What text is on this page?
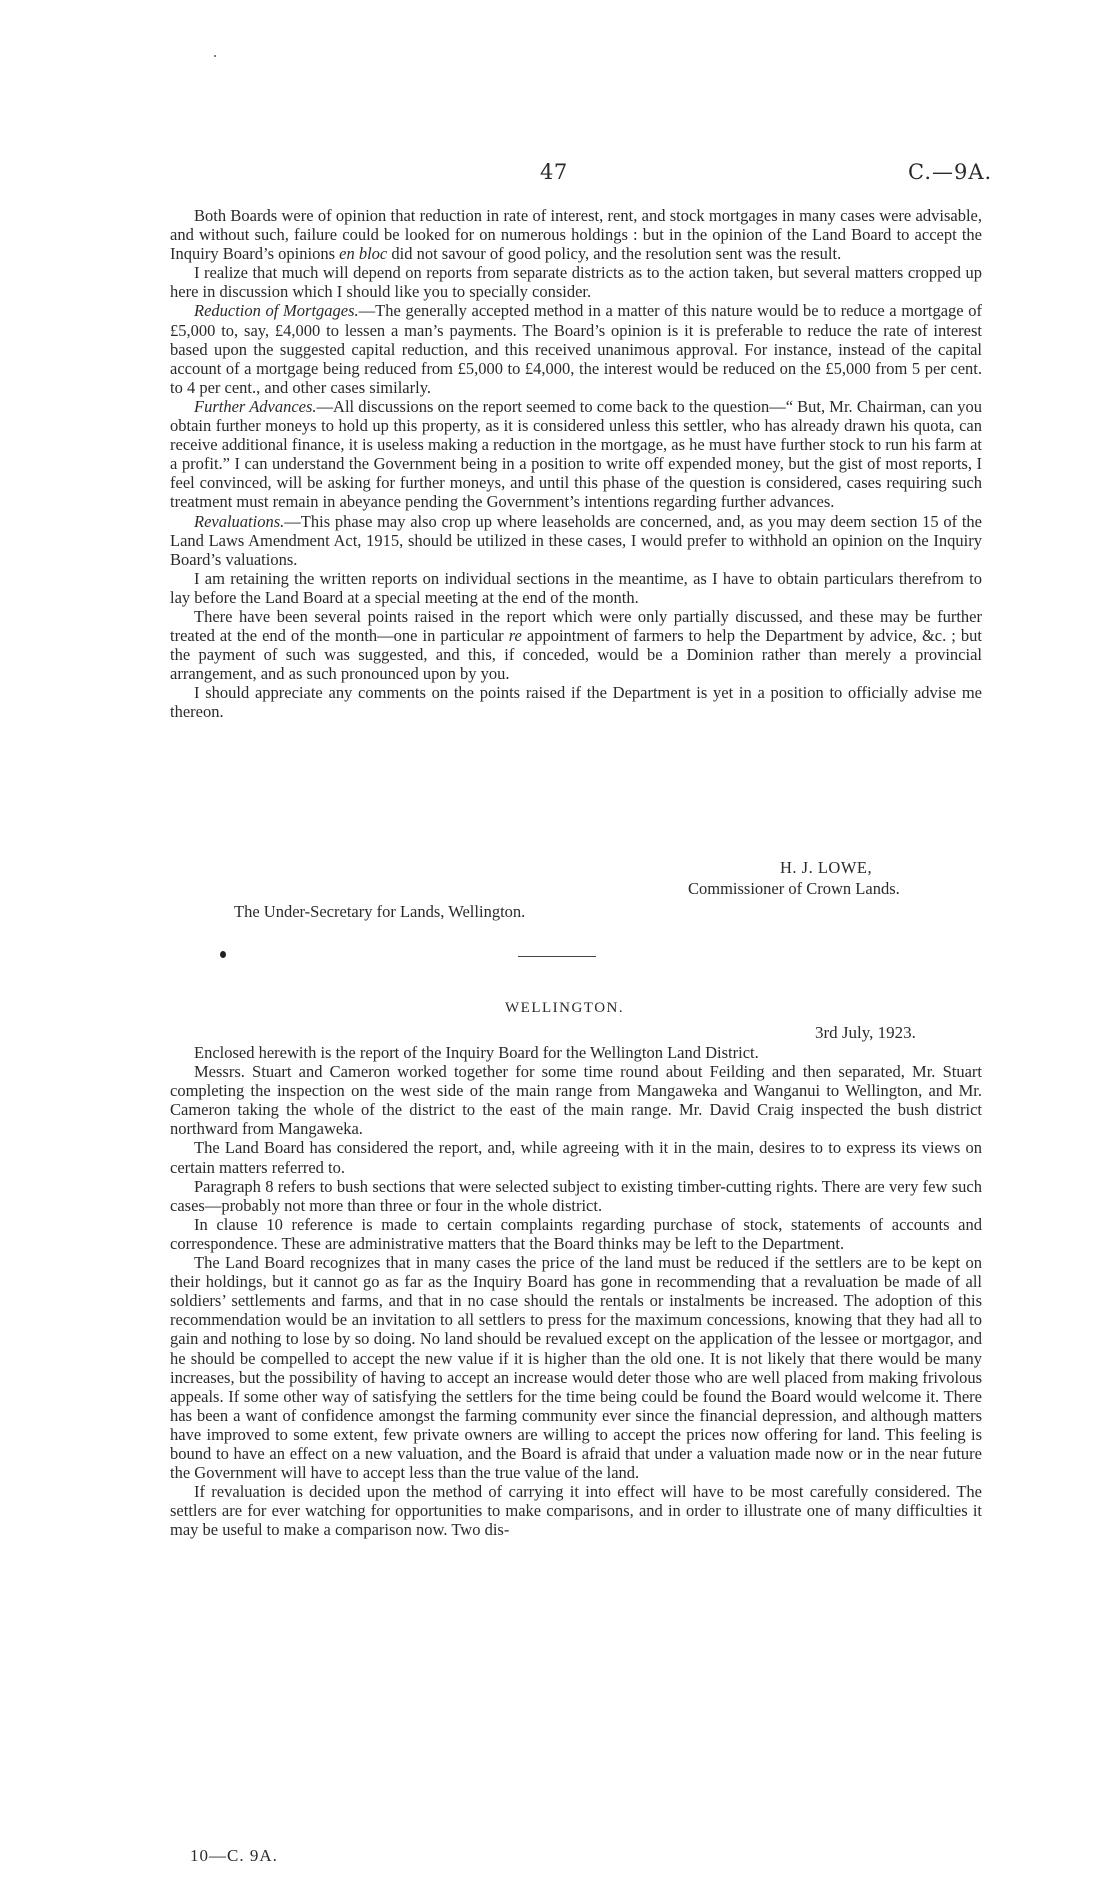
47	C.—9A.

Both Boards were of opinion that reduction in rate of interest, rent, and stock mortgages in many cases were advisable, and without such, failure could be looked for on numerous holdings : but in the opinion of the Land Board to accept the Inquiry Board’s opinions en bloc did not savour of good policy, and the resolution sent was the result.

I realize that much will depend on reports from separate districts as to the action taken, but several matters cropped up here in discussion which I should like you to specially consider.

Reduction of Mortgages.—The generally accepted method in a matter of this nature would be to reduce a mortgage of £5,000 to, say, £4,000 to lessen a man’s payments. The Board’s opinion is it is preferable to reduce the rate of interest based upon the suggested capital reduction, and this received unanimous approval. For instance, instead of the capital account of a mortgage being reduced from £5,000 to £4,000, the interest would be reduced on the £5,000 from 5 per cent. to 4 per cent., and other cases similarly.

Further Advances.—All discussions on the report seemed to come back to the question—“ But, Mr. Chairman, can you obtain further moneys to hold up this property, as it is considered unless this settler, who has already drawn his quota, can receive additional finance, it is useless making a reduction in the mortgage, as he must have further stock to run his farm at a profit.” I can understand the Government being in a position to write off expended money, but the gist of most reports, I feel convinced, will be asking for further moneys, and until this phase of the question is considered, cases requiring such treatment must remain in abeyance pending the Government’s intentions regarding further advances.

Revaluations.—This phase may also crop up where leaseholds are concerned, and, as you may deem section 15 of the Land Laws Amendment Act, 1915, should be utilized in these cases, I would prefer to withhold an opinion on the Inquiry Board’s valuations.

I am retaining the written reports on individual sections in the meantime, as I have to obtain particulars therefrom to lay before the Land Board at a special meeting at the end of the month.

There have been several points raised in the report which were only partially discussed, and these may be further treated at the end of the month—one in particular re appointment of farmers to help the Department by advice, &c. ; but the payment of such was suggested, and this, if conceded, would be a Dominion rather than merely a provincial arrangement, and as such pronounced upon by you.

I should appreciate any comments on the points raised if the Department is yet in a position to officially advise me thereon.

H. J. LOWE,
Commissioner of Crown Lands.
The Under-Secretary for Lands, Wellington.
WELLINGTON.
3rd July, 1923.

Enclosed herewith is the report of the Inquiry Board for the Wellington Land District.

Messrs. Stuart and Cameron worked together for some time round about Feilding and then separated, Mr. Stuart completing the inspection on the west side of the main range from Mangaweka and Wanganui to Wellington, and Mr. Cameron taking the whole of the district to the east of the main range. Mr. David Craig inspected the bush district northward from Mangaweka.

The Land Board has considered the report, and, while agreeing with it in the main, desires to to express its views on certain matters referred to.

Paragraph 8 refers to bush sections that were selected subject to existing timber-cutting rights. There are very few such cases—probably not more than three or four in the whole district.

In clause 10 reference is made to certain complaints regarding purchase of stock, statements of accounts and correspondence. These are administrative matters that the Board thinks may be left to the Department.

The Land Board recognizes that in many cases the price of the land must be reduced if the settlers are to be kept on their holdings, but it cannot go as far as the Inquiry Board has gone in recommending that a revaluation be made of all soldiers’ settlements and farms, and that in no case should the rentals or instalments be increased. The adoption of this recommendation would be an invitation to all settlers to press for the maximum concessions, knowing that they had all to gain and nothing to lose by so doing. No land should be revalued except on the application of the lessee or mortgagor, and he should be compelled to accept the new value if it is higher than the old one. It is not likely that there would be many increases, but the possibility of having to accept an increase would deter those who are well placed from making frivolous appeals. If some other way of satisfying the settlers for the time being could be found the Board would welcome it. There has been a want of confidence amongst the farming community ever since the financial depression, and although matters have improved to some extent, few private owners are willing to accept the prices now offering for land. This feeling is bound to have an effect on a new valuation, and the Board is afraid that under a valuation made now or in the near future the Government will have to accept less than the true value of the land.

If revaluation is decided upon the method of carrying it into effect will have to be most carefully considered. The settlers are for ever watching for opportunities to make comparisons, and in order to illustrate one of many difficulties it may be useful to make a comparison now. Two dis-

10—C. 9A.
